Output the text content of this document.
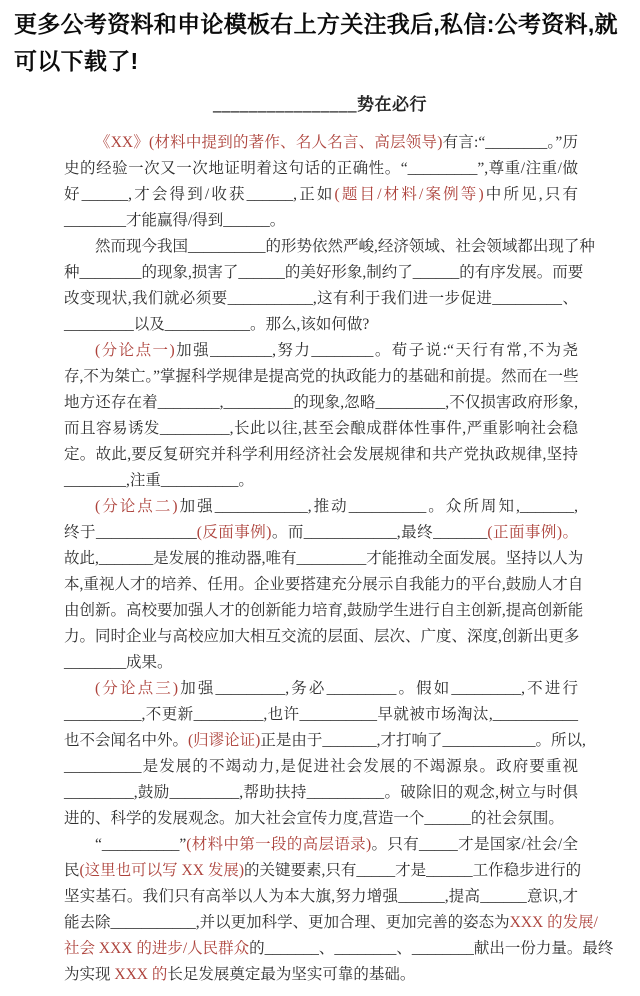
更多公考资料和申论模板右上方关注我后,私信:公考资料,就可以下载了!
________________势在必行
《XX》(材料中提到的著作、名人名言、高层领导)有言:“________。”历
史的经验一次又一次地证明着这句话的正确性。“_________”,尊重/注重/做
好______,才会得到/收获______,正如(题目/材料/案例等)中所见,只有
________才能赢得/得到______。
然而现今我国__________的形势依然严峻,经济领域、社会领域都出现了种
种________的现象,损害了______的美好形象,制约了______的有序发展。而要
改变现状,我们就必须要___________,这有利于我们进一步促进_________、
_________以及___________。那么,该如何做?
(分论点一)加强________,努力________。荀子说:“天行有常,不为尧
存,不为桀亡。”掌握科学规律是提高党的执政能力的基础和前提。然而在一些
地方还存在着________,_________的现象,忽略_________,不仅损害政府形象,
而且容易诱发_________,长此以往,甚至会酿成群体性事件,严重影响社会稳
定。故此,要反复研究并科学利用经济社会发展规律和共产党执政规律,坚持
________,注重__________。
(分论点二)加强____________,推动__________。众所周知,_______,
终于_____________(反面事例)。而____________,最终_______(正面事例)。
故此,_______是发展的推动器,唯有_________才能推动全面发展。坚持以人为
本,重视人才的培养、任用。企业要搭建充分展示自我能力的平台,鼓励人才自
由创新。高校要加强人才的创新能力培育,鼓励学生进行自主创新,提高创新能
力。同时企业与高校应加大相互交流的层面、层次、广度、深度,创新出更多
________成果。
(分论点三)加强_________,务必_________。假如_________,不进行
__________,不更新_________,也许__________早就被市场淘汰,___________
也不会闻名中外。(归谬论证)正是由于_______,才打响了____________。所以,
__________是发展的不竭动力,是促进社会发展的不竭源泉。政府要重视
_________,鼓励_________,帮助扶持__________。破除旧的观念,树立与时俱
进的、科学的发展观念。加大社会宣传力度,营造一个______的社会氛围。
“__________”(材料中第一段的高层语录)。只有_____才是国家/社会/全
民(这里也可以写 XX 发展)的关键要素,只有_____才是______工作稳步进行的
坚实基石。我们只有高举以人为本大旗,努力增强______,提高______意识,才
能去除___________,并以更加科学、更加合理、更加完善的姿态为XXX 的发展/
社会 XXX 的进步/人民群众的_______、________、________献出一份力量。最终
为实现 XXX 的长足发展奠定最为坚实可靠的基础。
